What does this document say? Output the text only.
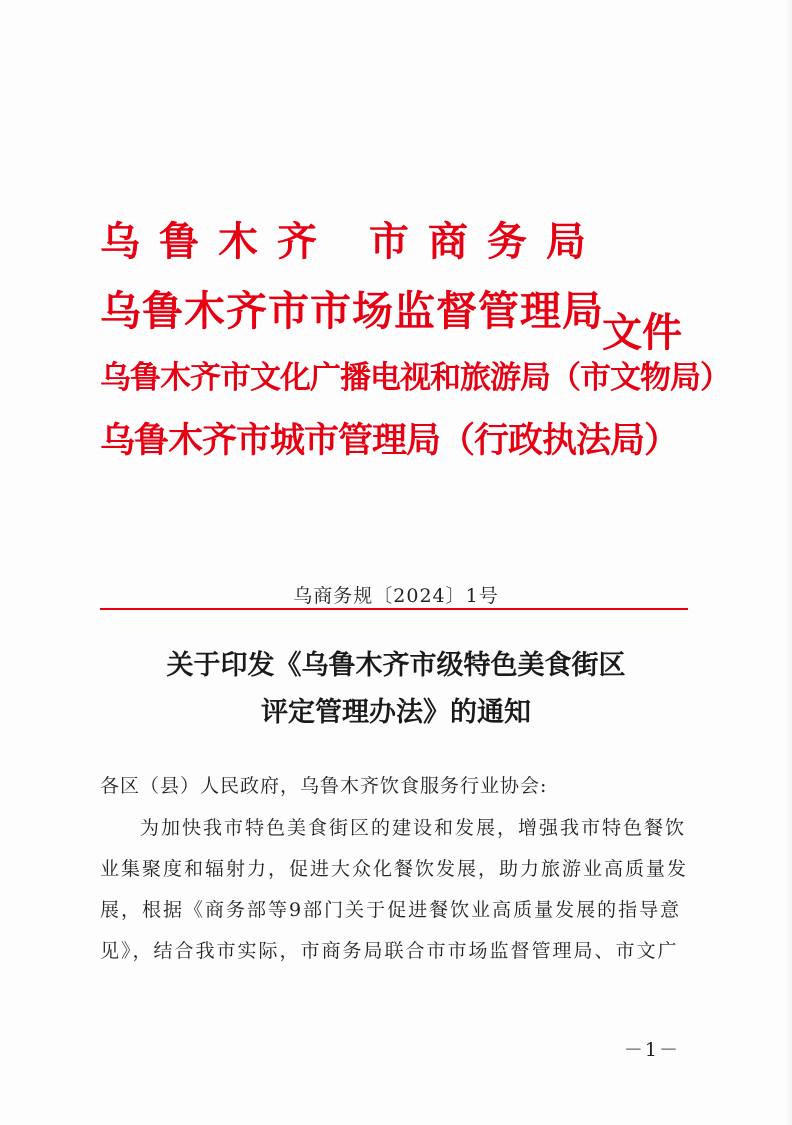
乌鲁木齐 市商务局
乌鲁木齐市市场监督管理局
乌鲁木齐市文化广播电视和旅游局（市文物局）
乌鲁木齐市城市管理局（行政执法局）
文件
乌商务规〔2024〕1号
关于印发《乌鲁木齐市级特色美食街区
评定管理办法》的通知
各区（县）人民政府，乌鲁木齐饮食服务行业协会:
为加快我市特色美食街区的建设和发展，增强我市特色餐饮
业集聚度和辐射力，促进大众化餐饮发展，助力旅游业高质量发
展，根据《商务部等9部门关于促进餐饮业高质量发展的指导意
见》，结合我市实际，市商务局联合市市场监督管理局、市文广
－1－
